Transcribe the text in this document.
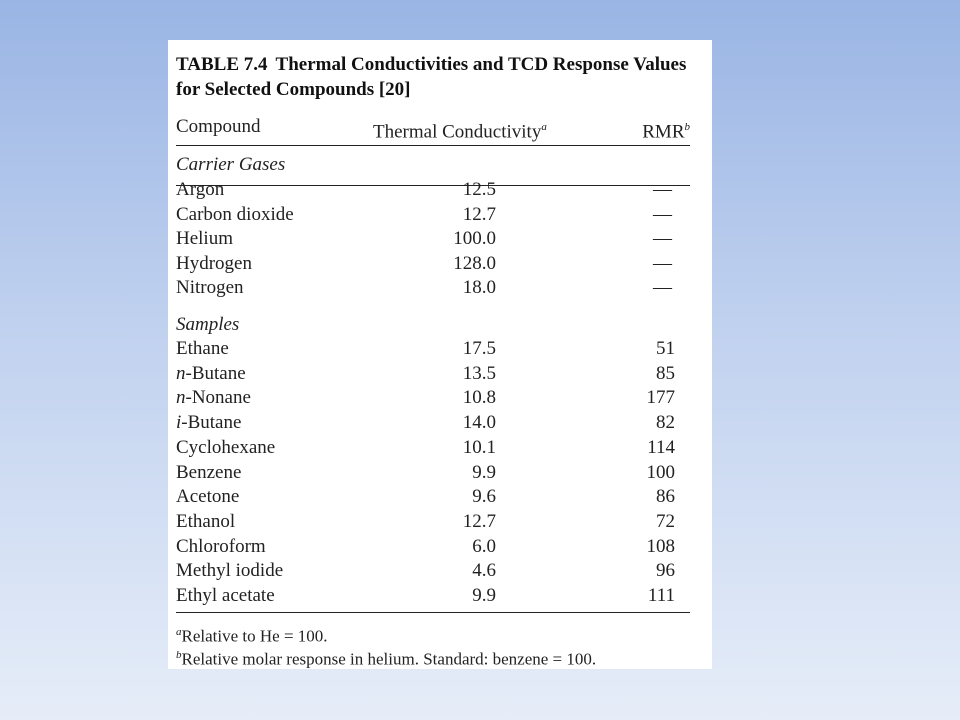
TABLE 7.4 Thermal Conductivities and TCD Response Values for Selected Compounds [20]
Compound	Thermal Conductivity$^a$	RMR$^b$
Carrier Gases
Argon	12.5	—
Carbon dioxide	12.7	—
Helium	100.0	—
Hydrogen	128.0	—
Nitrogen	18.0	—
Samples
Ethane	17.5	51
n-Butane	13.5	85
n-Nonane	10.8	177
i-Butane	14.0	82
Cyclohexane	10.1	114
Benzene	9.9	100
Acetone	9.6	86
Ethanol	12.7	72
Chloroform	6.0	108
Methyl iodide	4.6	96
Ethyl acetate	9.9	111
$^a$Relative to He = 100.
$^b$Relative molar response in helium. Standard: benzene = 100.
